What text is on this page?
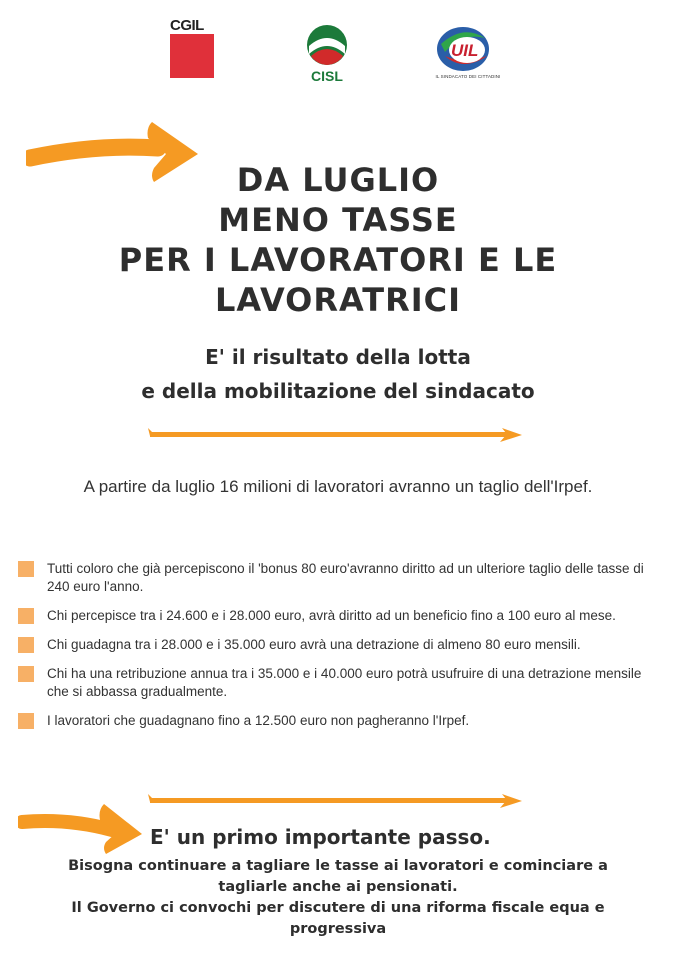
CGIL
CISL
UIL
IL SINDACATO DEI CITTADINI
DA LUGLIO
MENO TASSE
PER I LAVORATORI E LE
LAVORATRICI
E' il risultato della lotta
e della mobilitazione del sindacato
A partire da luglio 16 milioni di lavoratori avranno un taglio dell'Irpef.
Tutti coloro che già percepiscono il 'bonus 80 euro'avranno diritto ad un ulteriore taglio delle tasse di 240 euro l'anno.
Chi percepisce tra i 24.600 e i 28.000 euro, avrà diritto ad un beneficio fino a 100 euro al mese.
Chi guadagna tra i 28.000 e i 35.000 euro avrà una detrazione di almeno 80 euro mensili.
Chi ha una retribuzione annua tra i 35.000 e i 40.000 euro potrà usufruire di una detrazione mensile che si abbassa gradualmente.
I lavoratori che guadagnano fino a 12.500 euro non pagheranno l'Irpef.
E' un primo importante passo.
Bisogna continuare a tagliare le tasse ai lavoratori e cominciare a tagliarle anche ai pensionati.
Il Governo ci convochi per discutere di una riforma fiscale equa e progressiva
